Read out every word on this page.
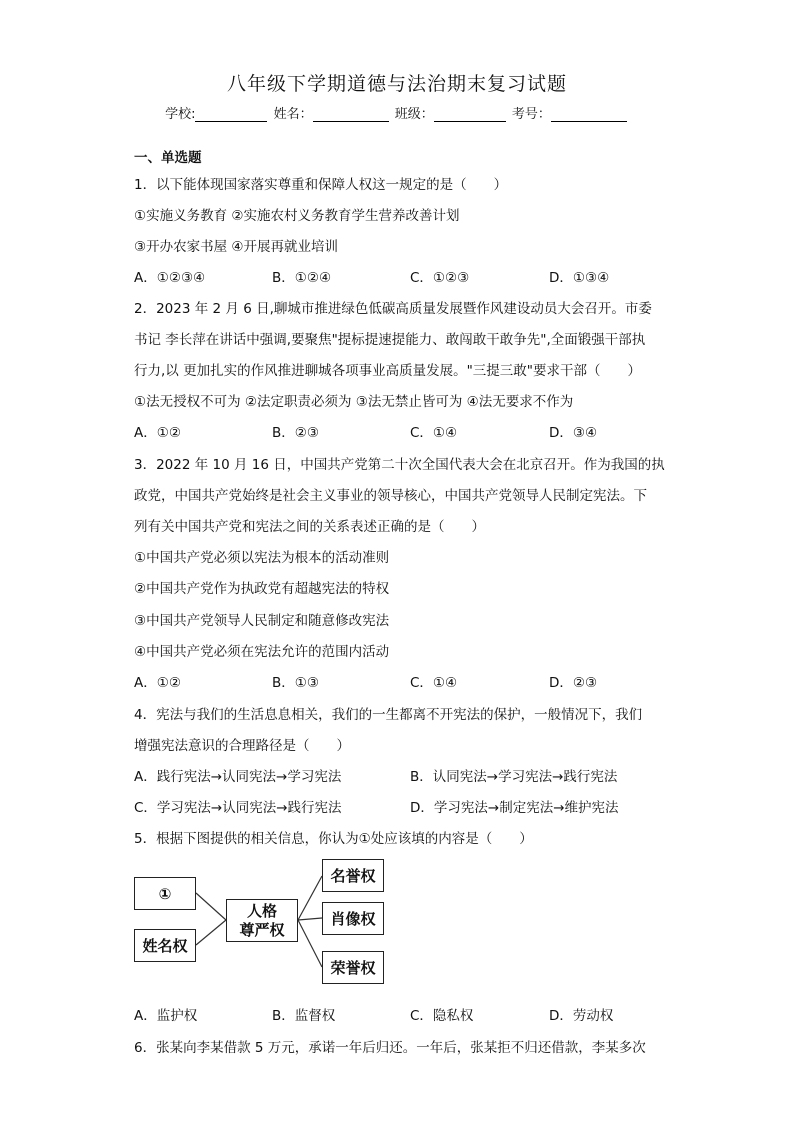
八年级下学期道德与法治期末复习试题
学校:	姓名：	班级：	考号：
一、单选题
1．以下能体现国家落实尊重和保障人权这一规定的是（　　）
①实施义务教育 ②实施农村义务教育学生营养改善计划
③开办农家书屋 ④开展再就业培训
A．①②③④	B．①②④	C．①②③	D．①③④
2．2023 年 2 月 6 日,聊城市推进绿色低碳高质量发展暨作风建设动员大会召开。市委
书记 李长萍在讲话中强调,要聚焦"提标提速提能力、敢闯敢干敢争先",全面锻强干部执
行力,以 更加扎实的作风推进聊城各项事业高质量发展。"三提三敢"要求干部（　　）
①法无授权不可为 ②法定职责必须为 ③法无禁止皆可为 ④法无要求不作为
A．①②	B．②③	C．①④	D．③④
3．2022 年 10 月 16 日，中国共产党第二十次全国代表大会在北京召开。作为我国的执
政党，中国共产党始终是社会主义事业的领导核心，中国共产党领导人民制定宪法。下
列有关中国共产党和宪法之间的关系表述正确的是（　　）
①中国共产党必须以宪法为根本的活动准则
②中国共产党作为执政党有超越宪法的特权
③中国共产党领导人民制定和随意修改宪法
④中国共产党必须在宪法允许的范围内活动
A．①②	B．①③	C．①④	D．②③
4．宪法与我们的生活息息相关，我们的一生都离不开宪法的保护，一般情况下，我们
增强宪法意识的合理路径是（　　）
A．践行宪法→认同宪法→学习宪法	B．认同宪法→学习宪法→践行宪法
C．学习宪法→认同宪法→践行宪法	D．学习宪法→制定宪法→维护宪法
5．根据下图提供的相关信息，你认为①处应该填的内容是（　　）
①
姓名权
人格
尊严权
名誉权
肖像权
荣誉权
A．监护权	B．监督权	C．隐私权	D．劳动权
6．张某向李某借款 5 万元，承诺一年后归还。一年后，张某拒不归还借款，李某多次
